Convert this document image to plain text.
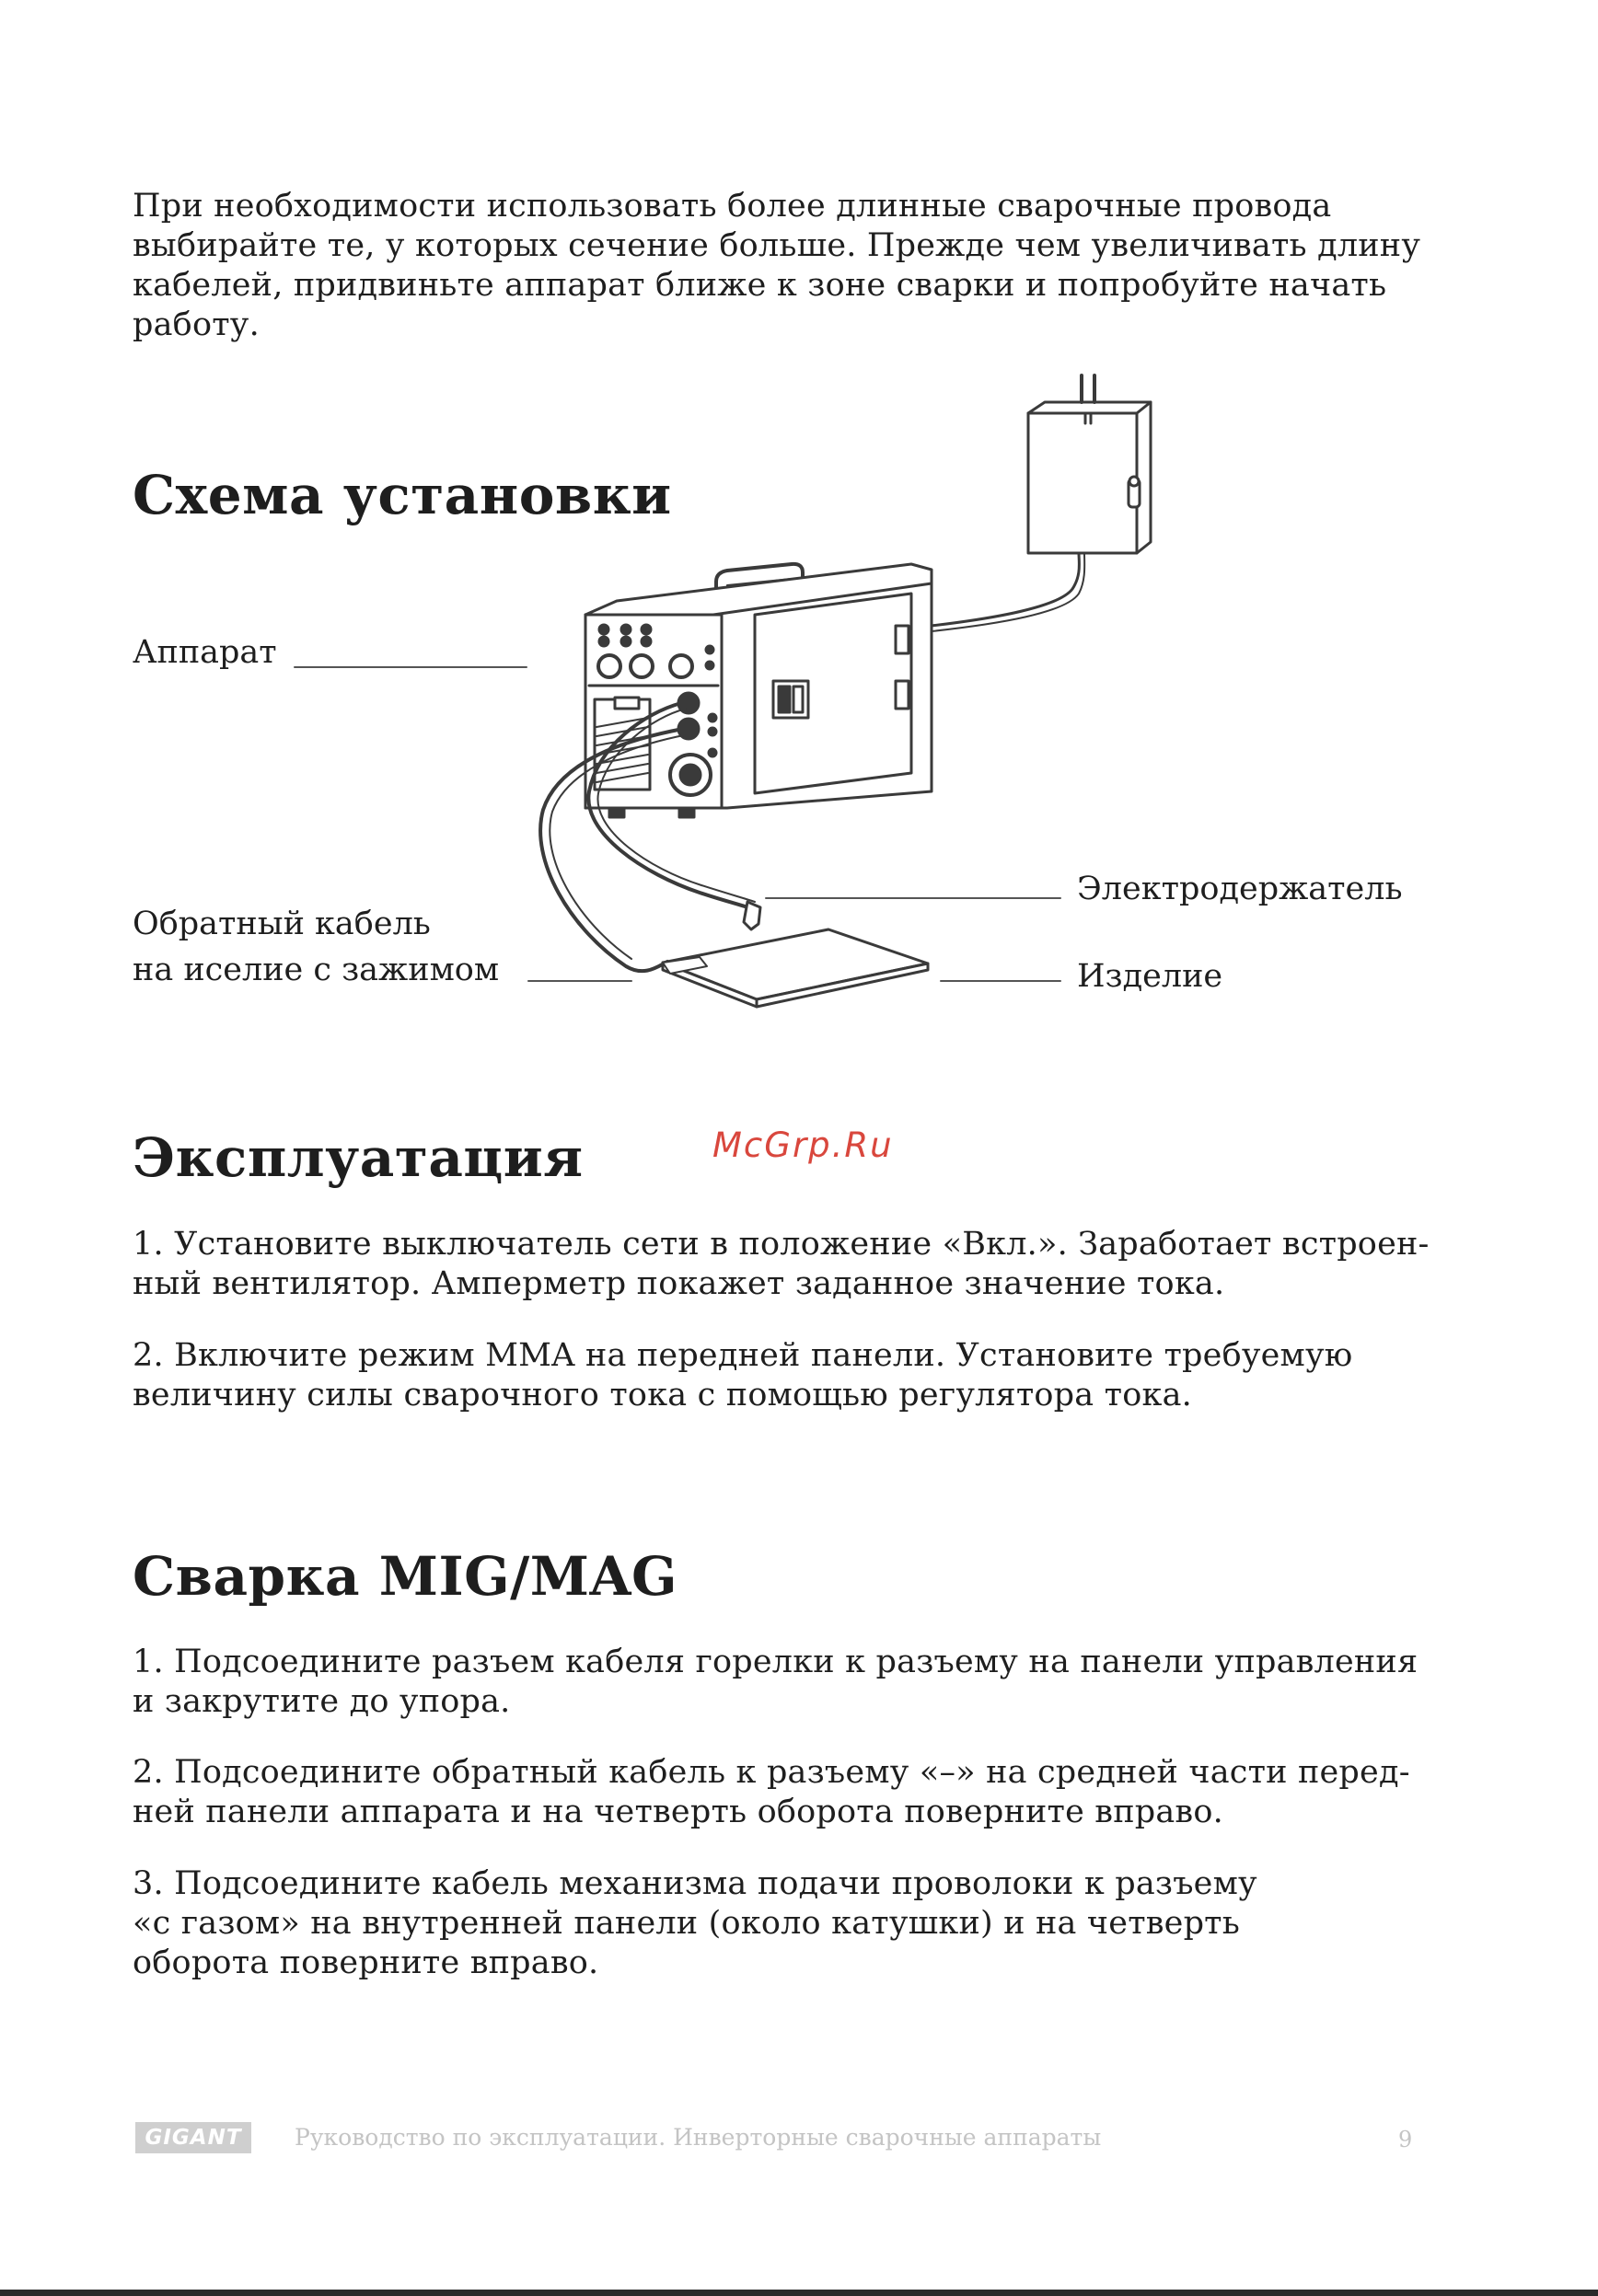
При необходимости использовать более длинные сварочные провода
выбирайте те, у которых сечение больше. Прежде чем увеличивать длину
кабелей, придвиньте аппарат ближе к зоне сварки и попробуйте начать
работу.

Схема установки

Аппарат

Обратный кабель
на иселие с зажимом

Электродержатель

Изделие

McGrp.Ru
Эксплуатация

1. Установите выключатель сети в положение «Вкл.». Заработает встроен-
ный вентилятор. Амперметр покажет заданное значение тока.

2. Включите режим MMA на передней панели. Установите требуемую
величину силы сварочного тока с помощью регулятора тока.

Сварка MIG/MAG

1. Подсоедините разъем кабеля горелки к разъему на панели управления
и закрутите до упора.

2. Подсоедините обратный кабель к разъему «–» на средней части перед-
ней панели аппарата и на четверть оборота поверните вправо.

3. Подсоедините кабель механизма подачи проволоки к разъему
«с газом» на внутренней панели (около катушки) и на четверть
оборота поверните вправо.

GIGANT	Руководство по эксплуатации. Инверторные сварочные аппараты	9
